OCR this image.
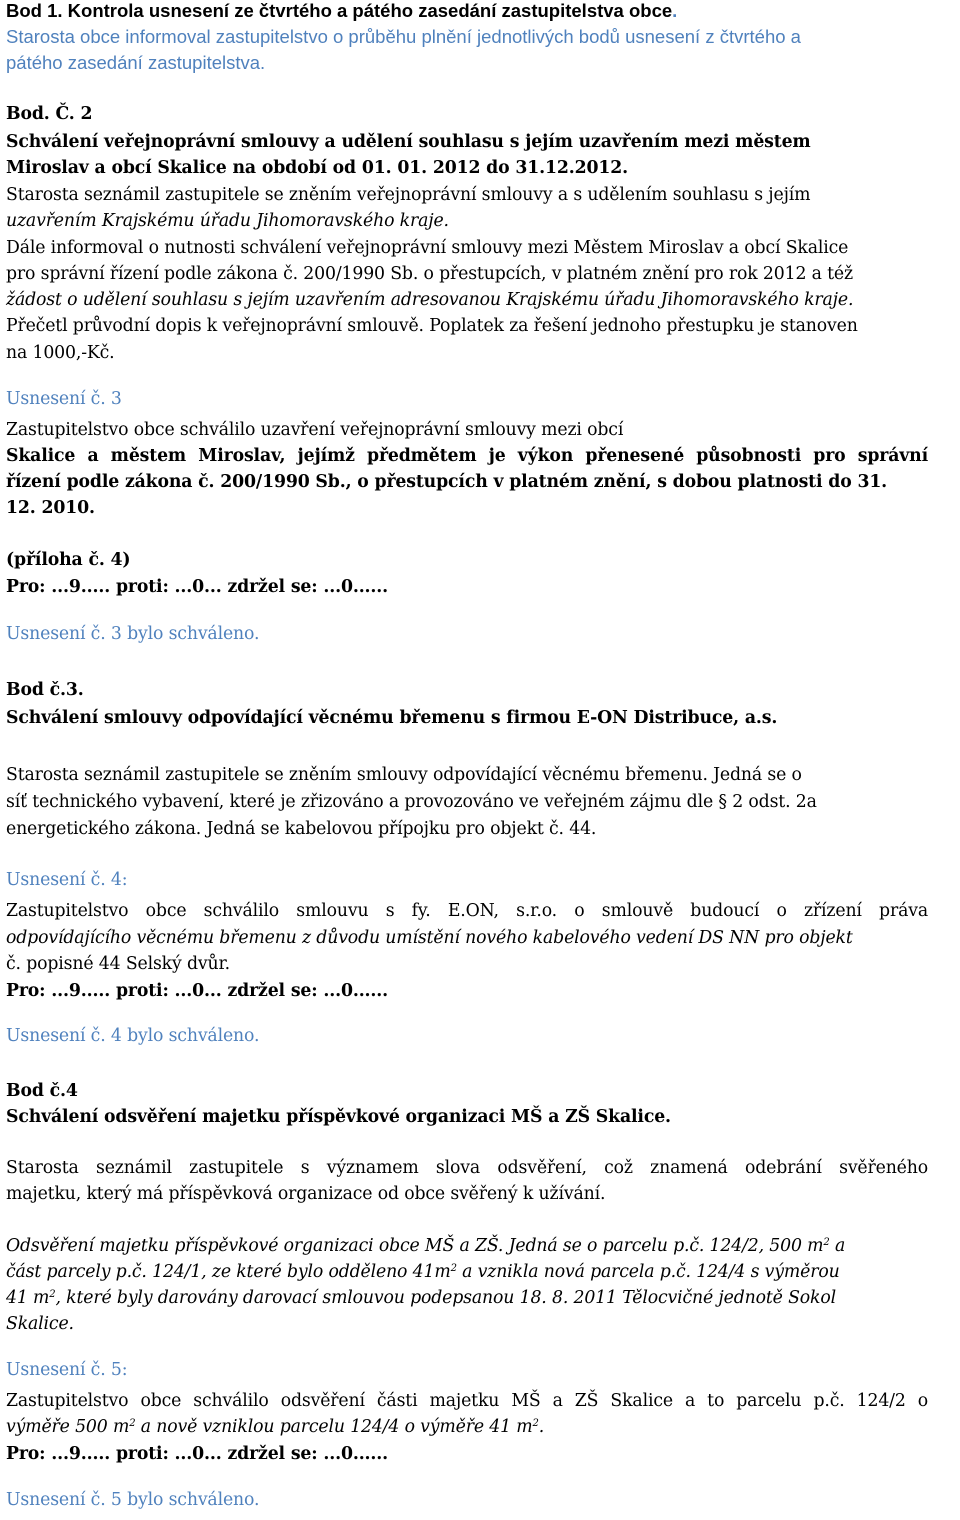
Bod 1. Kontrola usnesení ze čtvrtého a pátého zasedání zastupitelstva obce.
Starosta obce informoval zastupitelstvo o průběhu plnění jednotlivých bodů usnesení z čtvrtého a
pátého zasedání zastupitelstva.
Bod. Č. 2
Schválení veřejnoprávní smlouvy a udělení souhlasu s jejím uzavřením mezi městem
Miroslav a obcí Skalice na období od 01. 01. 2012 do 31.12.2012.
Starosta seznámil zastupitele se zněním veřejnoprávní smlouvy a s udělením souhlasu s jejím
uzavřením Krajskému úřadu Jihomoravského kraje.
Dále informoval o nutnosti schválení veřejnoprávní smlouvy mezi Městem Miroslav a obcí Skalice
pro správní řízení podle zákona č. 200/1990 Sb. o přestupcích, v platném znění pro rok 2012 a též
žádost o udělení souhlasu s jejím uzavřením adresovanou Krajskému úřadu Jihomoravského kraje.
Přečetl průvodní dopis k veřejnoprávní smlouvě. Poplatek za řešení jednoho přestupku je stanoven
na 1000,-Kč.
Usnesení č. 3
Zastupitelstvo obce schválilo uzavření veřejnoprávní smlouvy mezi obcí
Skalice a městem Miroslav, jejímž předmětem je výkon přenesené působnosti pro správní
řízení podle zákona č. 200/1990 Sb., o přestupcích v platném znění, s dobou platnosti do 31.
12. 2010.
(příloha č. 4)
Pro: ...9..... proti: ...0... zdržel se: ...0......
Usnesení č. 3 bylo schváleno.
Bod č.3.
Schválení smlouvy odpovídající věcnému břemenu s firmou E-ON Distribuce, a.s.
Starosta seznámil zastupitele se zněním smlouvy odpovídající věcnému břemenu. Jedná se o
síť technického vybavení, které je zřizováno a provozováno ve veřejném zájmu dle § 2 odst. 2a
energetického zákona. Jedná se kabelovou přípojku pro objekt č. 44.
Usnesení č. 4:
Zastupitelstvo obce schválilo smlouvu s fy. E.ON, s.r.o. o smlouvě budoucí o zřízení práva
odpovídajícího věcnému břemenu z důvodu umístění nového kabelového vedení DS NN pro objekt
č. popisné 44 Selský dvůr.
Pro: ...9..... proti: ...0... zdržel se: ...0......
Usnesení č. 4 bylo schváleno.
Bod č.4
Schválení odsvěření majetku příspěvkové organizaci MŠ a ZŠ Skalice.
Starosta seznámil zastupitele s významem slova odsvěření, což znamená odebrání svěřeného
majetku, který má příspěvková organizace od obce svěřený k užívání.
Odsvěření majetku příspěvkové organizaci obce MŠ a ZŠ. Jedná se o parcelu p.č. 124/2, 500 $m^2$ a
část parcely p.č. 124/1, ze které bylo odděleno $41m^2$ a vznikla nová parcela p.č. 124/4 s výměrou
41 $m^2$, které byly darovány darovací smlouvou podepsanou 18. 8. 2011 Tělocvičné jednotě Sokol
Skalice.
Usnesení č. 5:
Zastupitelstvo obce schválilo odsvěření části majetku MŠ a ZŠ Skalice a to parcelu p.č. 124/2 o
výměře 500 $m^2$ a nově vzniklou parcelu 124/4 o výměře 41 $m^2$.
Pro: ...9..... proti: ...0... zdržel se: ...0......
Usnesení č. 5 bylo schváleno.
